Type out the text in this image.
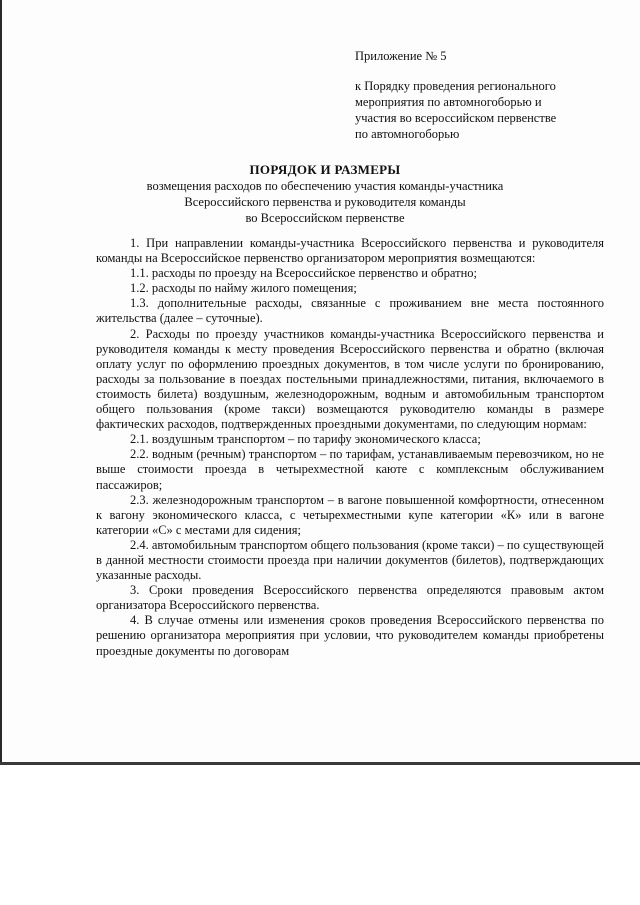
Приложение № 5
к Порядку проведения регионального
мероприятия по автомногоборью и
участия во всероссийском первенстве
по автомногоборью
ПОРЯДОК И РАЗМЕРЫ
возмещения расходов по обеспечению участия команды-участника
Всероссийского первенства и руководителя команды
во Всероссийском первенстве

1. При направлении команды-участника Всероссийского первенства и руководителя команды на Всероссийское первенство организатором мероприятия возмещаются:

1.1. расходы по проезду на Всероссийское первенство и обратно;

1.2. расходы по найму жилого помещения;

1.3. дополнительные расходы, связанные с проживанием вне места постоянного жительства (далее – суточные).

2. Расходы по проезду участников команды-участника Всероссийского первенства и руководителя команды к месту проведения Всероссийского первенства и обратно (включая оплату услуг по оформлению проездных документов, в том числе услуги по бронированию, расходы за пользование в поездах постельными принадлежностями, питания, включаемого в стоимость билета) воздушным, железнодорожным, водным и автомобильным транспортом общего пользования (кроме такси) возмещаются руководителю команды в размере фактических расходов, подтвержденных проездными документами, по следующим нормам:

2.1. воздушным транспортом – по тарифу экономического класса;

2.2. водным (речным) транспортом – по тарифам, устанавливаемым перевозчиком, но не выше стоимости проезда в четырехместной каюте с комплексным обслуживанием пассажиров;

2.3. железнодорожным транспортом – в вагоне повышенной комфортности, отнесенном к вагону экономического класса, с четырехместными купе категории «К» или в вагоне категории «С» с местами для сидения;

2.4. автомобильным транспортом общего пользования (кроме такси) – по существующей в данной местности стоимости проезда при наличии документов (билетов), подтверждающих указанные расходы.

3. Сроки проведения Всероссийского первенства определяются правовым актом организатора Всероссийского первенства.

4. В случае отмены или изменения сроков проведения Всероссийского первенства по решению организатора мероприятия при условии, что руководителем команды приобретены проездные документы по договорам
